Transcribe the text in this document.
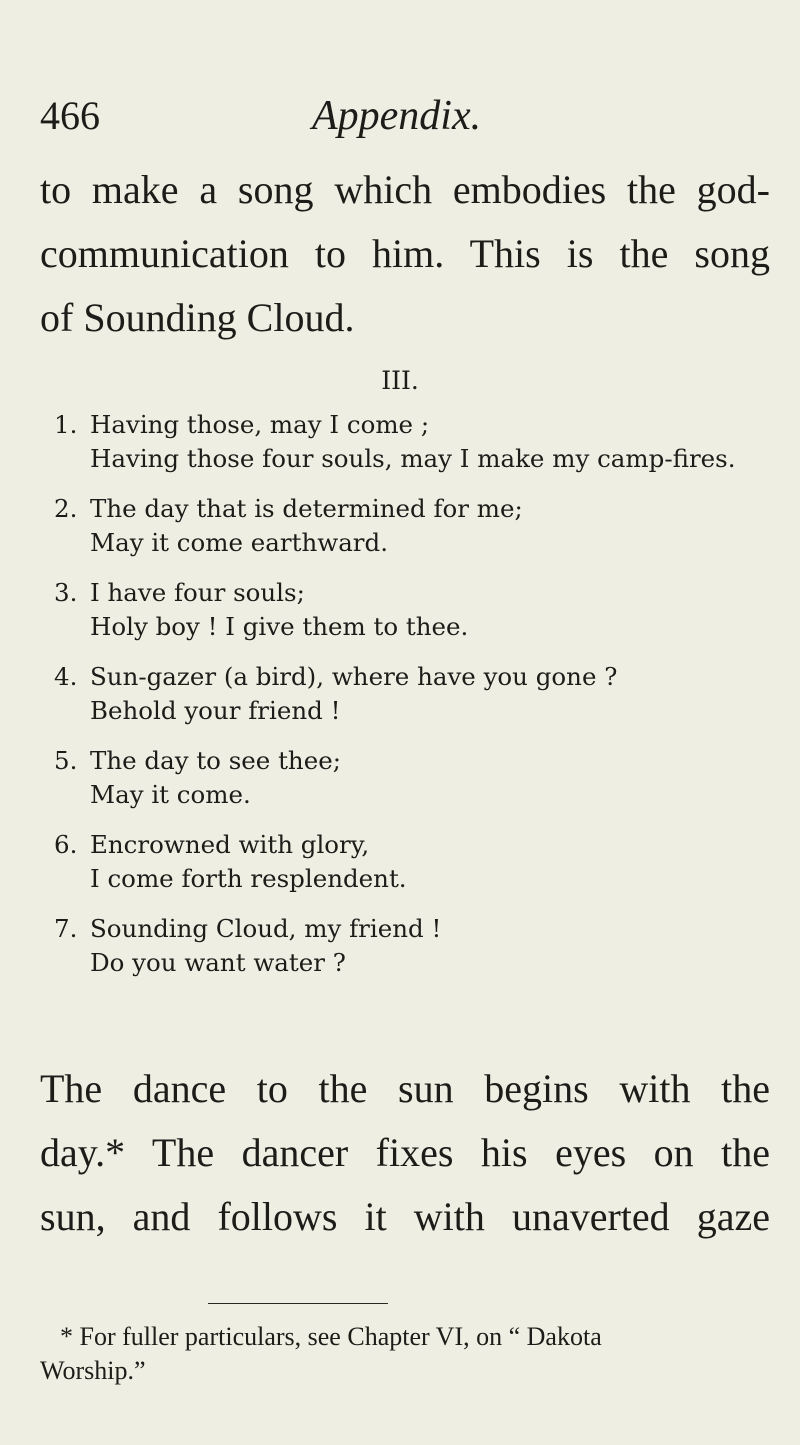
466	Appendix.
to make a song which embodies the god-
communication to him. This is the song
of Sounding Cloud.
III.
1. Having those, may I come ;
Having those four souls, may I make my camp-fires.
2. The day that is determined for me;
May it come earthward.
3. I have four souls;
Holy boy ! I give them to thee.
4. Sun-gazer (a bird), where have you gone ?
Behold your friend !
5. The day to see thee;
May it come.
6. Encrowned with glory,
I come forth resplendent.
7. Sounding Cloud, my friend !
Do you want water ?
The dance to the sun begins with the
day.* The dancer fixes his eyes on the
sun, and follows it with unaverted gaze
* For fuller particulars, see Chapter VI, on “ Dakota
Worship.”
